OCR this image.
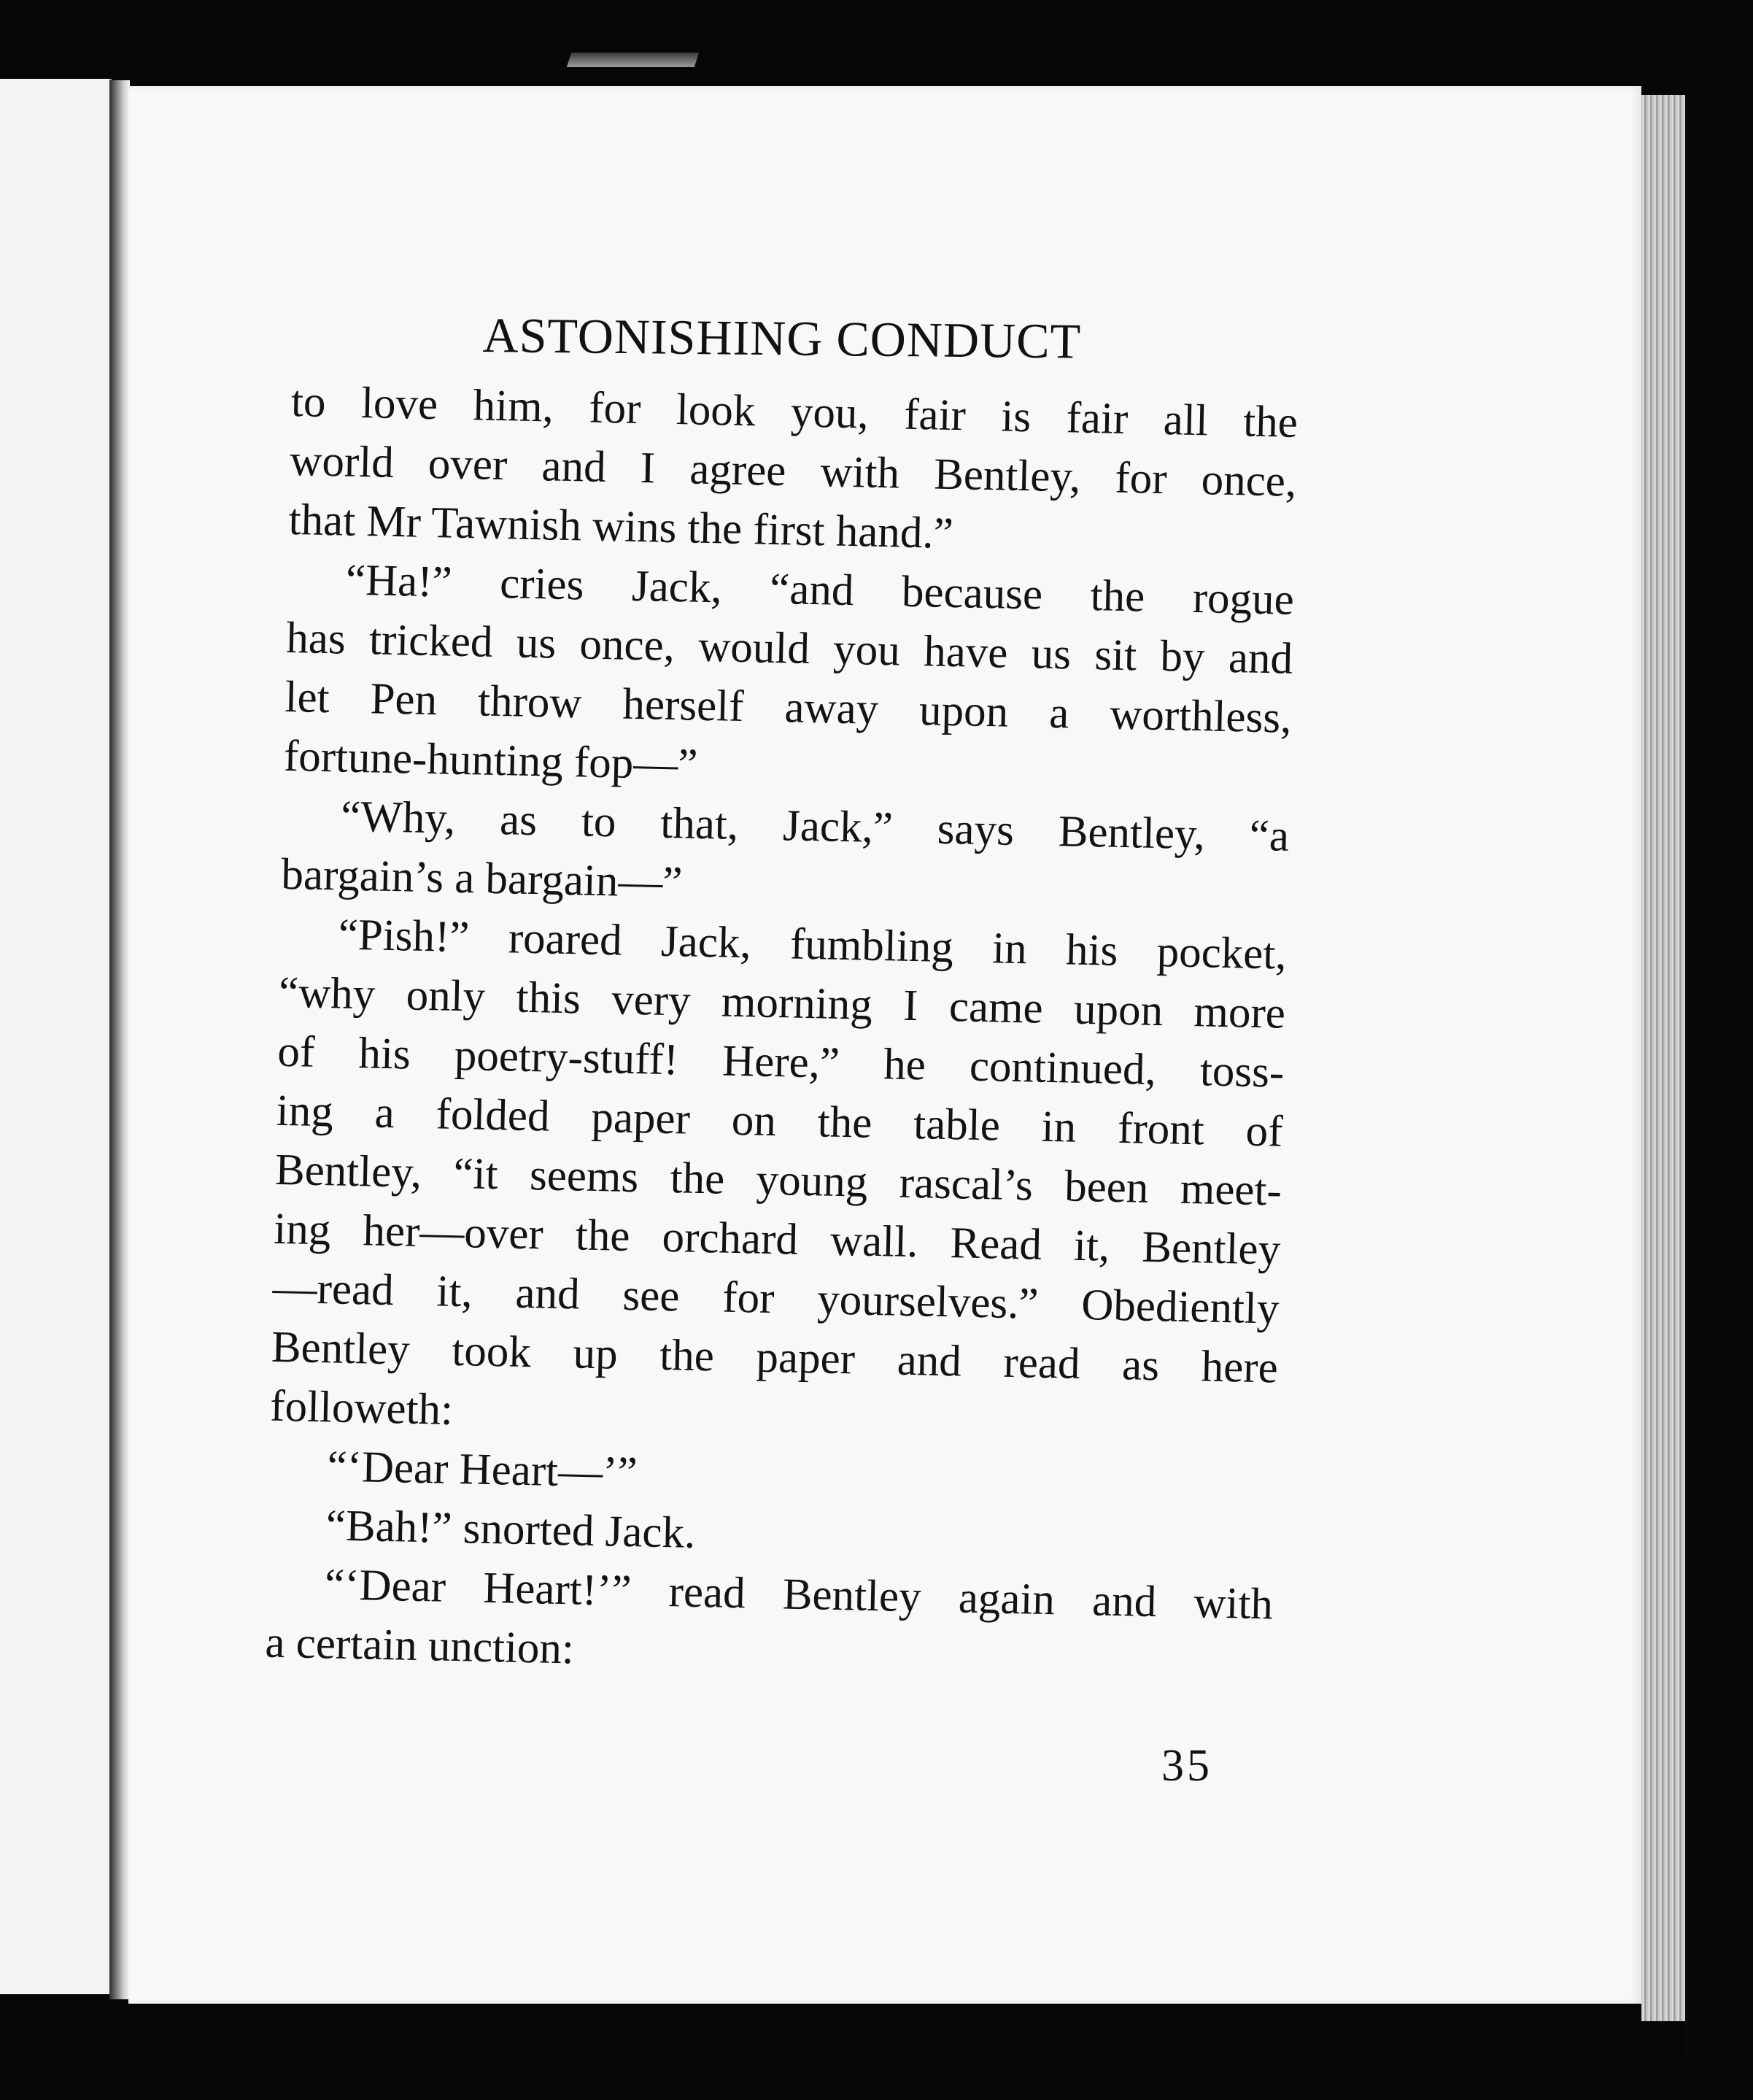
ASTONISHING CONDUCT
to love him, for look you, fair is fair all the
world over and I agree with Bentley, for once,
that Mr Tawnish wins the first hand.”
“Ha!” cries Jack, “and because the rogue
has tricked us once, would you have us sit by and
let Pen throw herself away upon a worthless,
fortune-hunting fop—”
“Why, as to that, Jack,” says Bentley, “a
bargain’s a bargain—”
“Pish!” roared Jack, fumbling in his pocket,
“why only this very morning I came upon more
of his poetry-stuff! Here,” he continued, toss-
ing a folded paper on the table in front of
Bentley, “it seems the young rascal’s been meet-
ing her—over the orchard wall. Read it, Bentley
—read it, and see for yourselves.” Obediently
Bentley took up the paper and read as here
followeth:
“‘Dear Heart—’”
“Bah!” snorted Jack.
“‘Dear Heart!’” read Bentley again and with
a certain unction:
35
